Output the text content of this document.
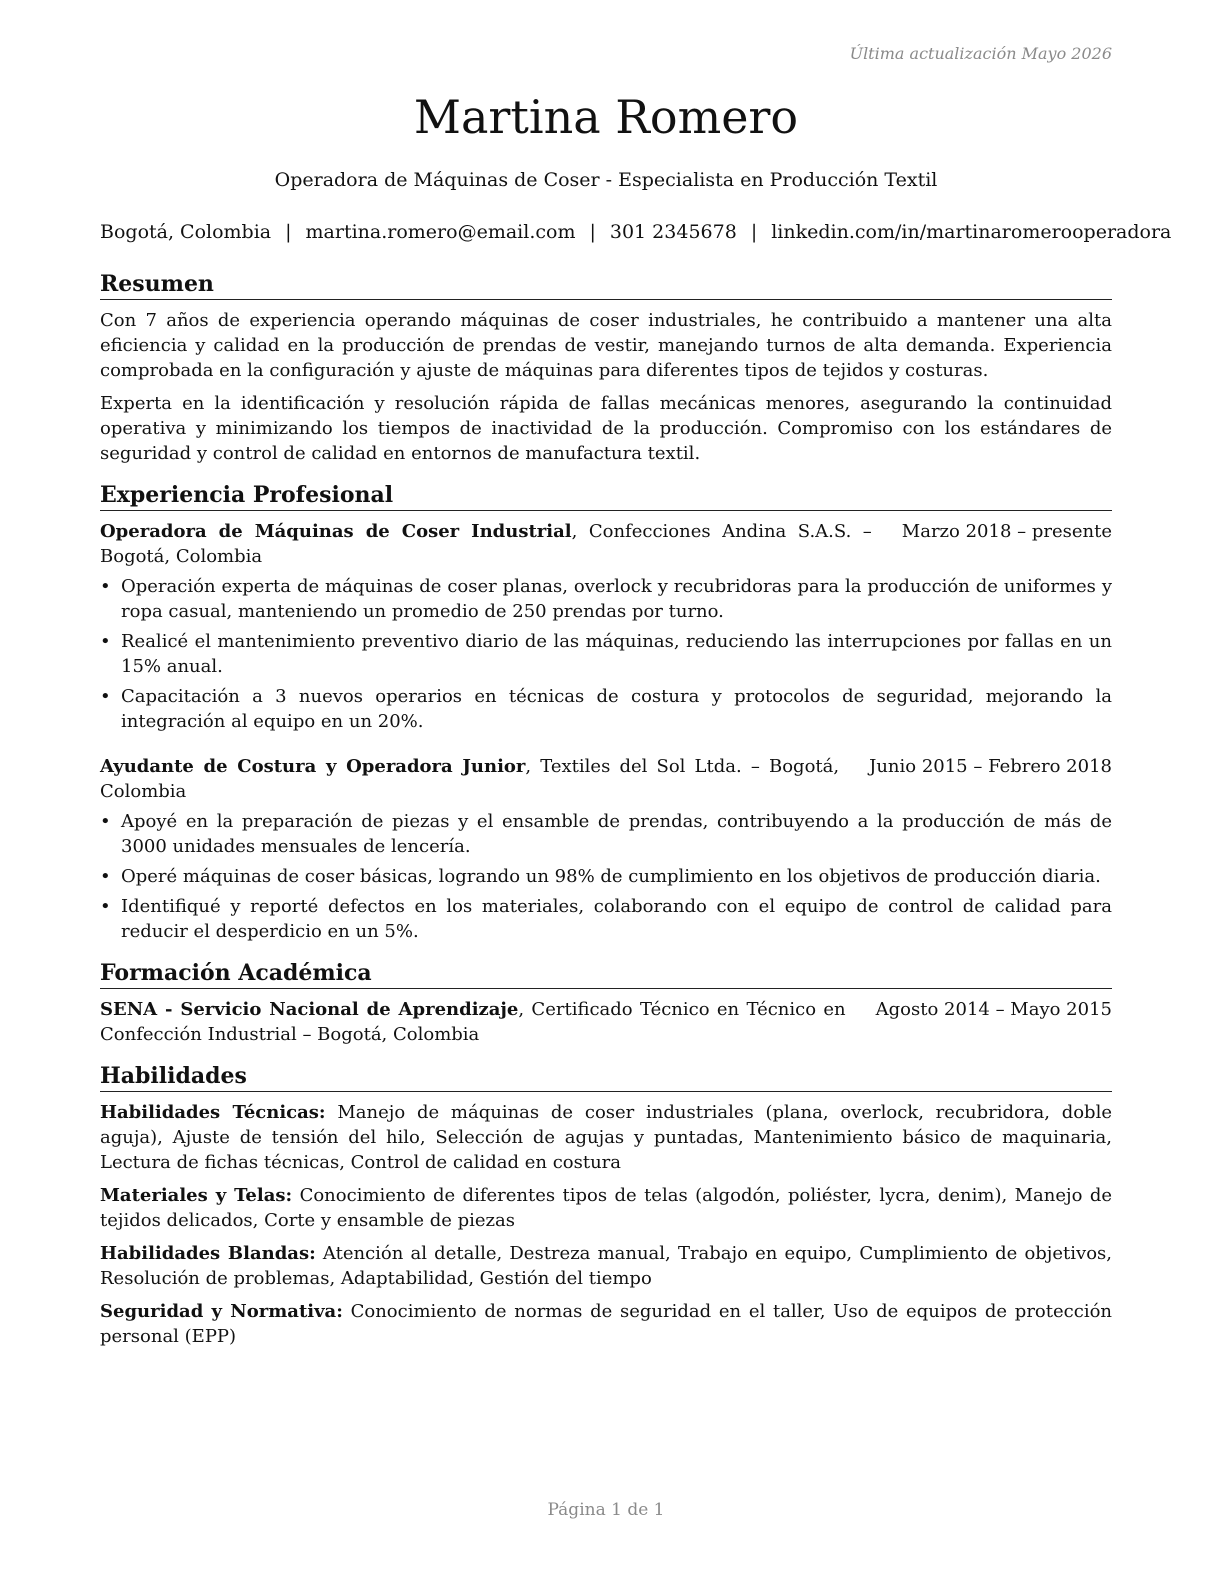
Última actualización Mayo 2026
Martina Romero
Operadora de Máquinas de Coser - Especialista en Producción Textil
Bogotá, Colombia | martina.romero@email.com | 301 2345678 | linkedin.com/in/martinaromerooperadora
Resumen

Con 7 años de experiencia operando máquinas de coser industriales, he contribuido a mantener una alta eficiencia y calidad en la producción de prendas de vestir, manejando turnos de alta demanda. Experiencia comprobada en la configuración y ajuste de máquinas para diferentes tipos de tejidos y costuras.

Experta en la identificación y resolución rápida de fallas mecánicas menores, asegurando la continuidad operativa y minimizando los tiempos de inactividad de la producción. Compromiso con los estándares de seguridad y control de calidad en entornos de manufactura textil.

Experiencia Profesional
Operadora de Máquinas de Coser Industrial, Confecciones Andina S.A.S. – Bogotá, Colombia
Marzo 2018 – presente
• Operación experta de máquinas de coser planas, overlock y recubridoras para la producción de uniformes y ropa casual, manteniendo un promedio de 250 prendas por turno.
• Realicé el mantenimiento preventivo diario de las máquinas, reduciendo las interrupciones por fallas en un 15% anual.
• Capacitación a 3 nuevos operarios en técnicas de costura y protocolos de seguridad, mejorando la integración al equipo en un 20%.
Ayudante de Costura y Operadora Junior, Textiles del Sol Ltda. – Bogotá, Colombia
Junio 2015 – Febrero 2018
• Apoyé en la preparación de piezas y el ensamble de prendas, contribuyendo a la producción de más de 3000 unidades mensuales de lencería.
• Operé máquinas de coser básicas, logrando un 98% de cumplimiento en los objetivos de producción diaria.
• Identifiqué y reporté defectos en los materiales, colaborando con el equipo de control de calidad para reducir el desperdicio en un 5%.
Formación Académica
SENA - Servicio Nacional de Aprendizaje, Certificado Técnico en Técnico en Confección Industrial – Bogotá, Colombia
Agosto 2014 – Mayo 2015
Habilidades
Habilidades Técnicas: Manejo de máquinas de coser industriales (plana, overlock, recubridora, doble aguja), Ajuste de tensión del hilo, Selección de agujas y puntadas, Mantenimiento básico de maquinaria, Lectura de fichas técnicas, Control de calidad en costura
Materiales y Telas: Conocimiento de diferentes tipos de telas (algodón, poliéster, lycra, denim), Manejo de tejidos delicados, Corte y ensamble de piezas
Habilidades Blandas: Atención al detalle, Destreza manual, Trabajo en equipo, Cumplimiento de objetivos, Resolución de problemas, Adaptabilidad, Gestión del tiempo
Seguridad y Normativa: Conocimiento de normas de seguridad en el taller, Uso de equipos de protección personal (EPP)
Página 1 de 1
